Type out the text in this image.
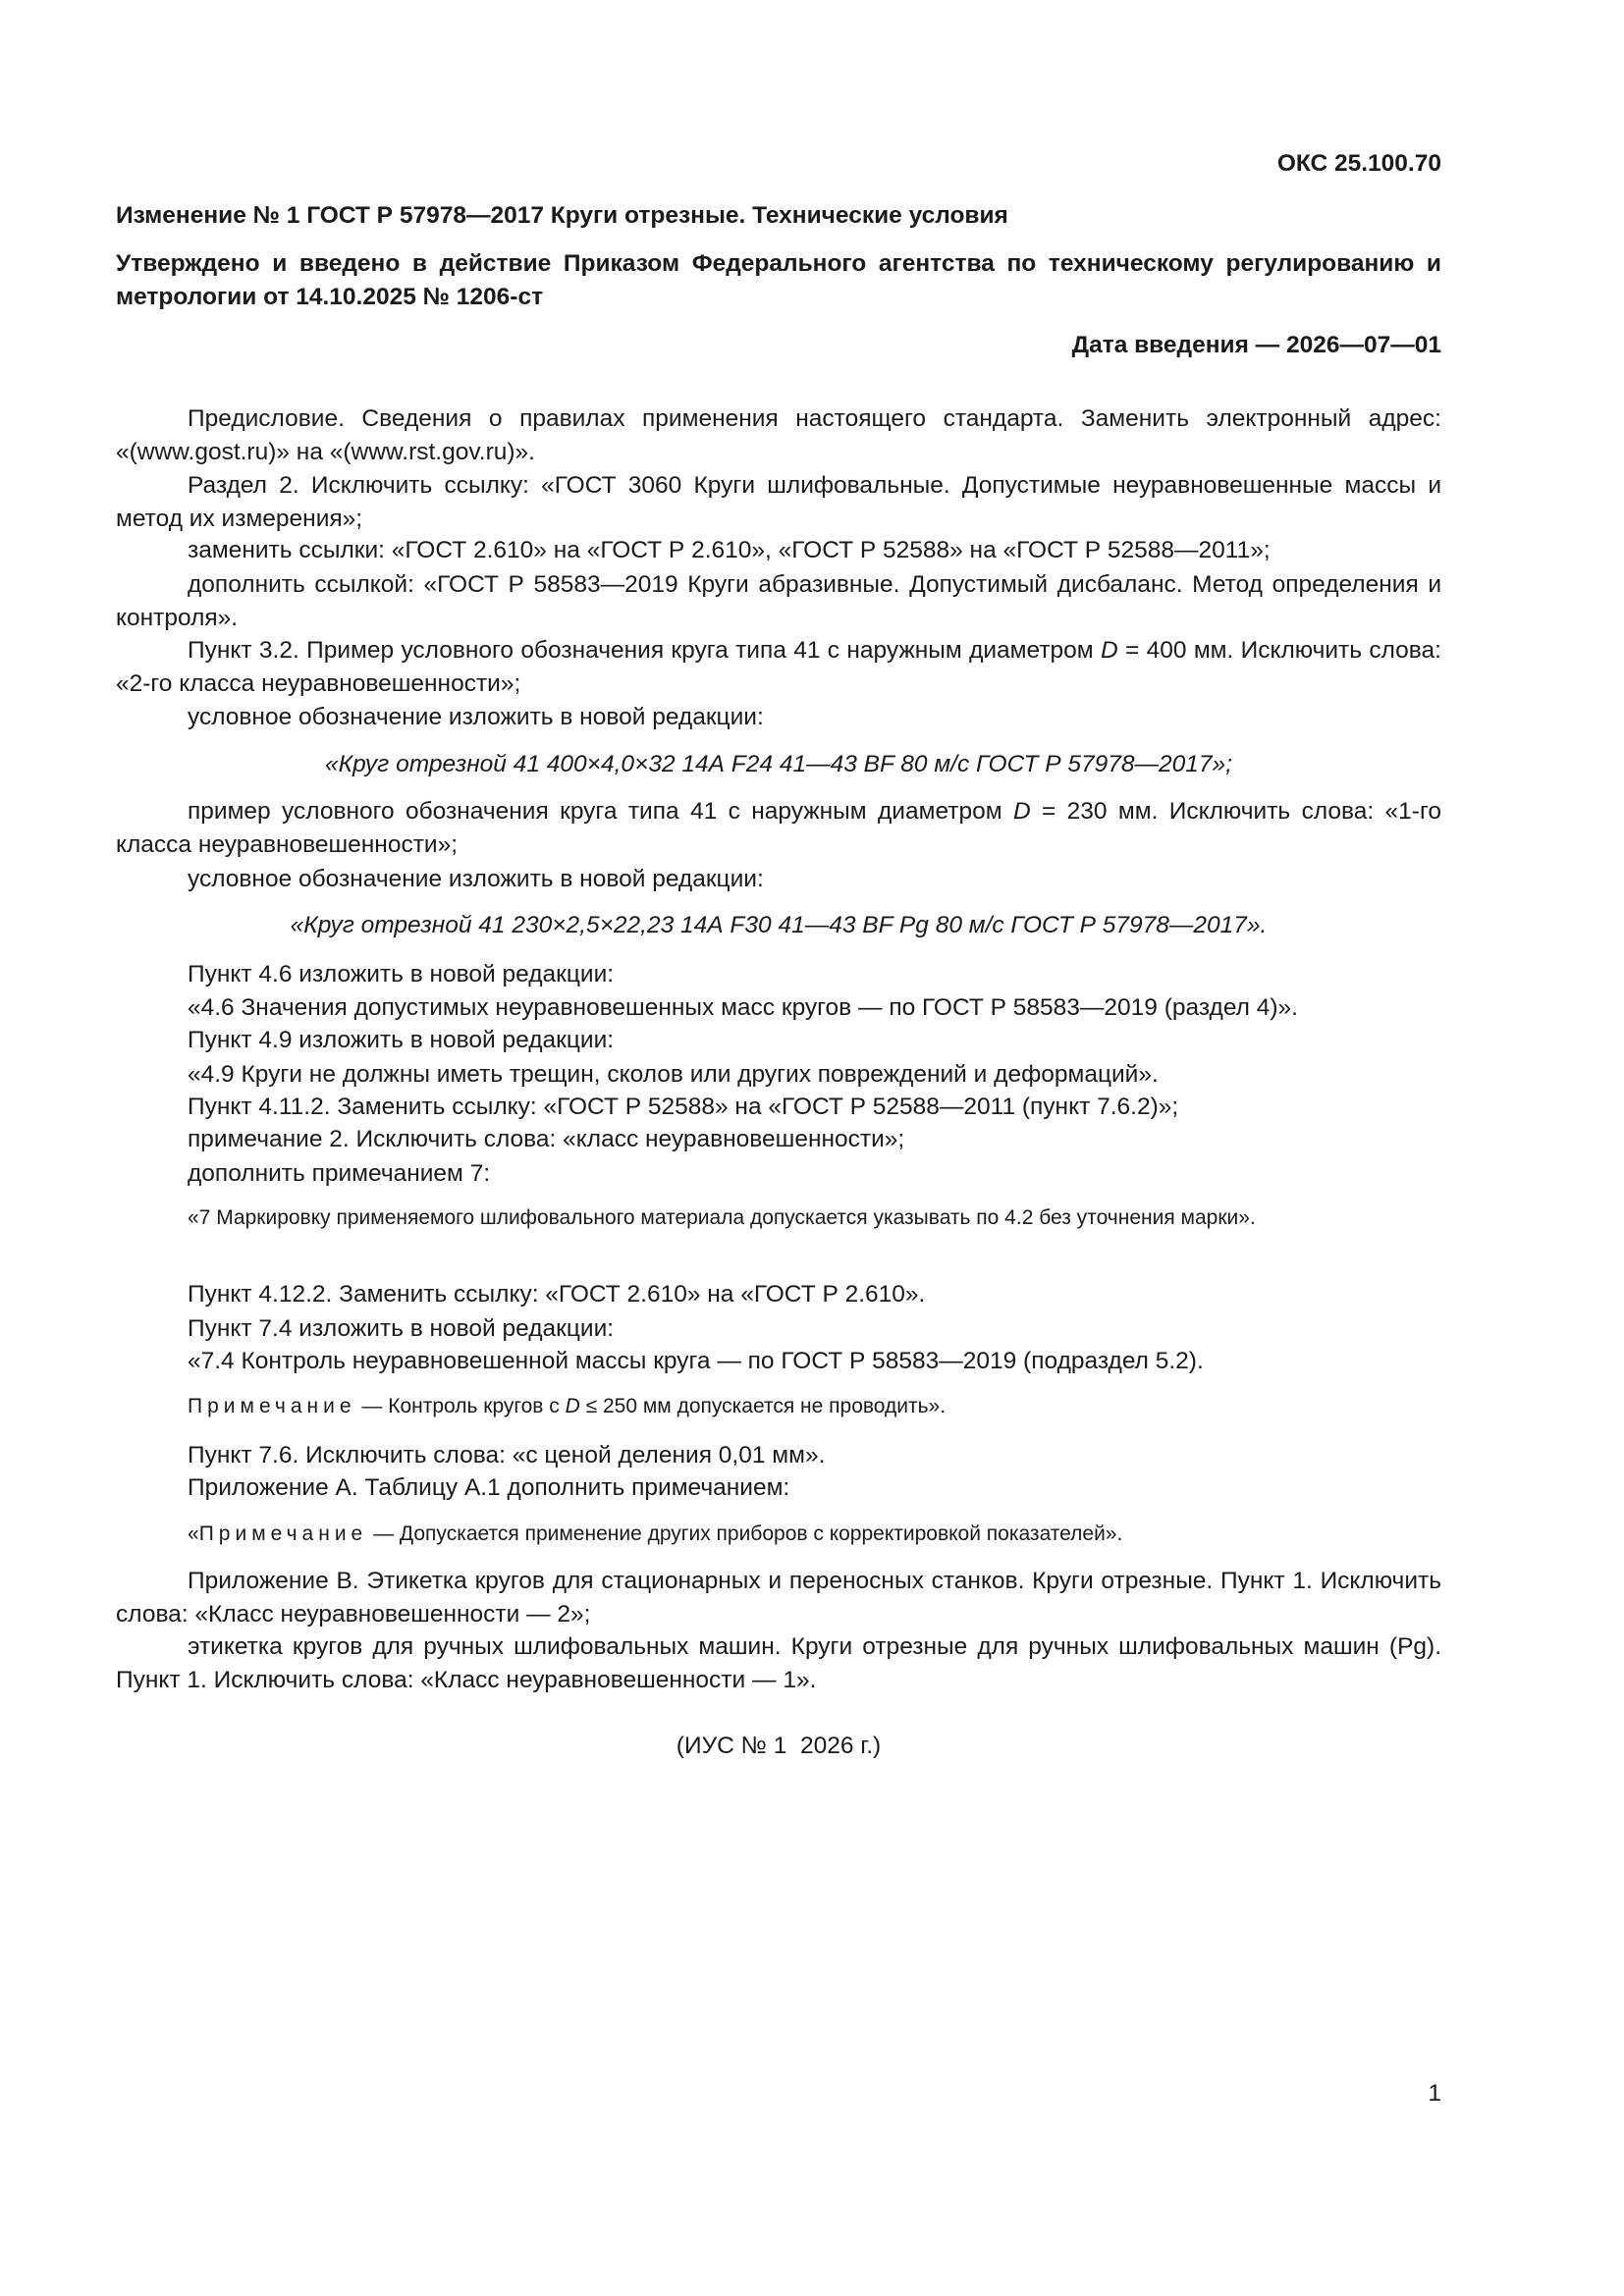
ОКС 25.100.70
Изменение № 1 ГОСТ Р 57978—2017 Круги отрезные. Технические условия
Утверждено и введено в действие Приказом Федерального агентства по техническому регулированию и метрологии от 14.10.2025 № 1206-ст
Дата введения — 2026—07—01
Предисловие. Сведения о правилах применения настоящего стандарта. Заменить электронный адрес: «(www.gost.ru)» на «(www.rst.gov.ru)».
Раздел 2. Исключить ссылку: «ГОСТ 3060 Круги шлифовальные. Допустимые неуравновешенные массы и метод их измерения»;
заменить ссылки: «ГОСТ 2.610» на «ГОСТ Р 2.610», «ГОСТ Р 52588» на «ГОСТ Р 52588—2011»;
дополнить ссылкой: «ГОСТ Р 58583—2019 Круги абразивные. Допустимый дисбаланс. Метод определения и контроля».
Пункт 3.2. Пример условного обозначения круга типа 41 с наружным диаметром D = 400 мм. Исключить слова: «2-го класса неуравновешенности»;
условное обозначение изложить в новой редакции:
«Круг отрезной 41 400×4,0×32 14А F24 41—43 BF 80 м/с ГОСТ Р 57978—2017»;
пример условного обозначения круга типа 41 с наружным диаметром D = 230 мм. Исключить слова: «1-го класса неуравновешенности»;
условное обозначение изложить в новой редакции:
«Круг отрезной 41 230×2,5×22,23 14А F30 41—43 BF Pg 80 м/с ГОСТ Р 57978—2017».
Пункт 4.6 изложить в новой редакции:
«4.6 Значения допустимых неуравновешенных масс кругов — по ГОСТ Р 58583—2019 (раздел 4)».
Пункт 4.9 изложить в новой редакции:
«4.9 Круги не должны иметь трещин, сколов или других повреждений и деформаций».
Пункт 4.11.2. Заменить ссылку: «ГОСТ Р 52588» на «ГОСТ Р 52588—2011 (пункт 7.6.2)»;
примечание 2. Исключить слова: «класс неуравновешенности»;
дополнить примечанием 7:
«7 Маркировку применяемого шлифовального материала допускается указывать по 4.2 без уточнения марки».
Пункт 4.12.2. Заменить ссылку: «ГОСТ 2.610» на «ГОСТ Р 2.610».
Пункт 7.4 изложить в новой редакции:
«7.4 Контроль неуравновешенной массы круга — по ГОСТ Р 58583—2019 (подраздел 5.2).
Примечание — Контроль кругов с D ≤ 250 мм допускается не проводить».
Пункт 7.6. Исключить слова: «с ценой деления 0,01 мм».
Приложение А. Таблицу А.1 дополнить примечанием:
«Примечание — Допускается применение других приборов с корректировкой показателей».
Приложение В. Этикетка кругов для стационарных и переносных станков. Круги отрезные. Пункт 1. Исключить слова: «Класс неуравновешенности — 2»;
этикетка кругов для ручных шлифовальных машин. Круги отрезные для ручных шлифовальных машин (Pg). Пункт 1. Исключить слова: «Класс неуравновешенности — 1».
(ИУС № 1  2026 г.)
1
